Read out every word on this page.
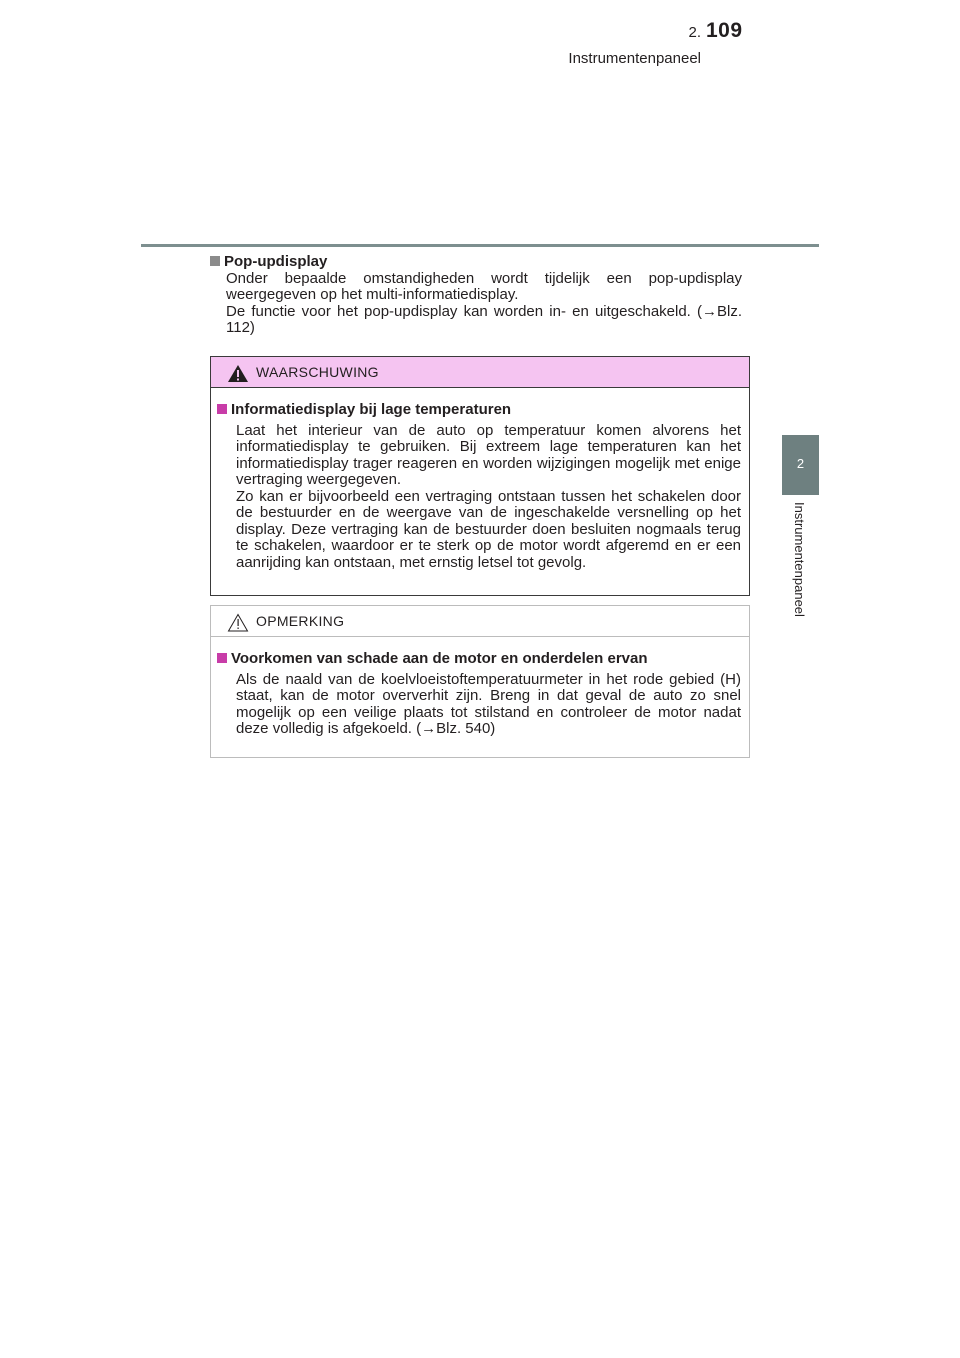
2. Instrumentenpaneel
109
2
Instrumentenpaneel
Pop-updisplay

Onder bepaalde omstandigheden wordt tijdelijk een pop-updisplay weergegeven op het multi-informatiedisplay.

De functie voor het pop-updisplay kan worden in- en uitgeschakeld. (→Blz. 112)

WAARSCHUWING
Informatiedisplay bij lage temperaturen

Laat het interieur van de auto op temperatuur komen alvorens het informatiedisplay te gebruiken. Bij extreem lage temperaturen kan het informatiedisplay trager reageren en worden wijzigingen mogelijk met enige vertraging weergegeven.

Zo kan er bijvoorbeeld een vertraging ontstaan tussen het schakelen door de bestuurder en de weergave van de ingeschakelde versnelling op het display. Deze vertraging kan de bestuurder doen besluiten nogmaals terug te schakelen, waardoor er te sterk op de motor wordt afgeremd en er een aanrijding kan ontstaan, met ernstig letsel tot gevolg.

OPMERKING
Voorkomen van schade aan de motor en onderdelen ervan

Als de naald van de koelvloeistoftemperatuurmeter in het rode gebied (H) staat, kan de motor oververhit zijn. Breng in dat geval de auto zo snel mogelijk op een veilige plaats tot stilstand en controleer de motor nadat deze volledig is afgekoeld. (→Blz. 540)
